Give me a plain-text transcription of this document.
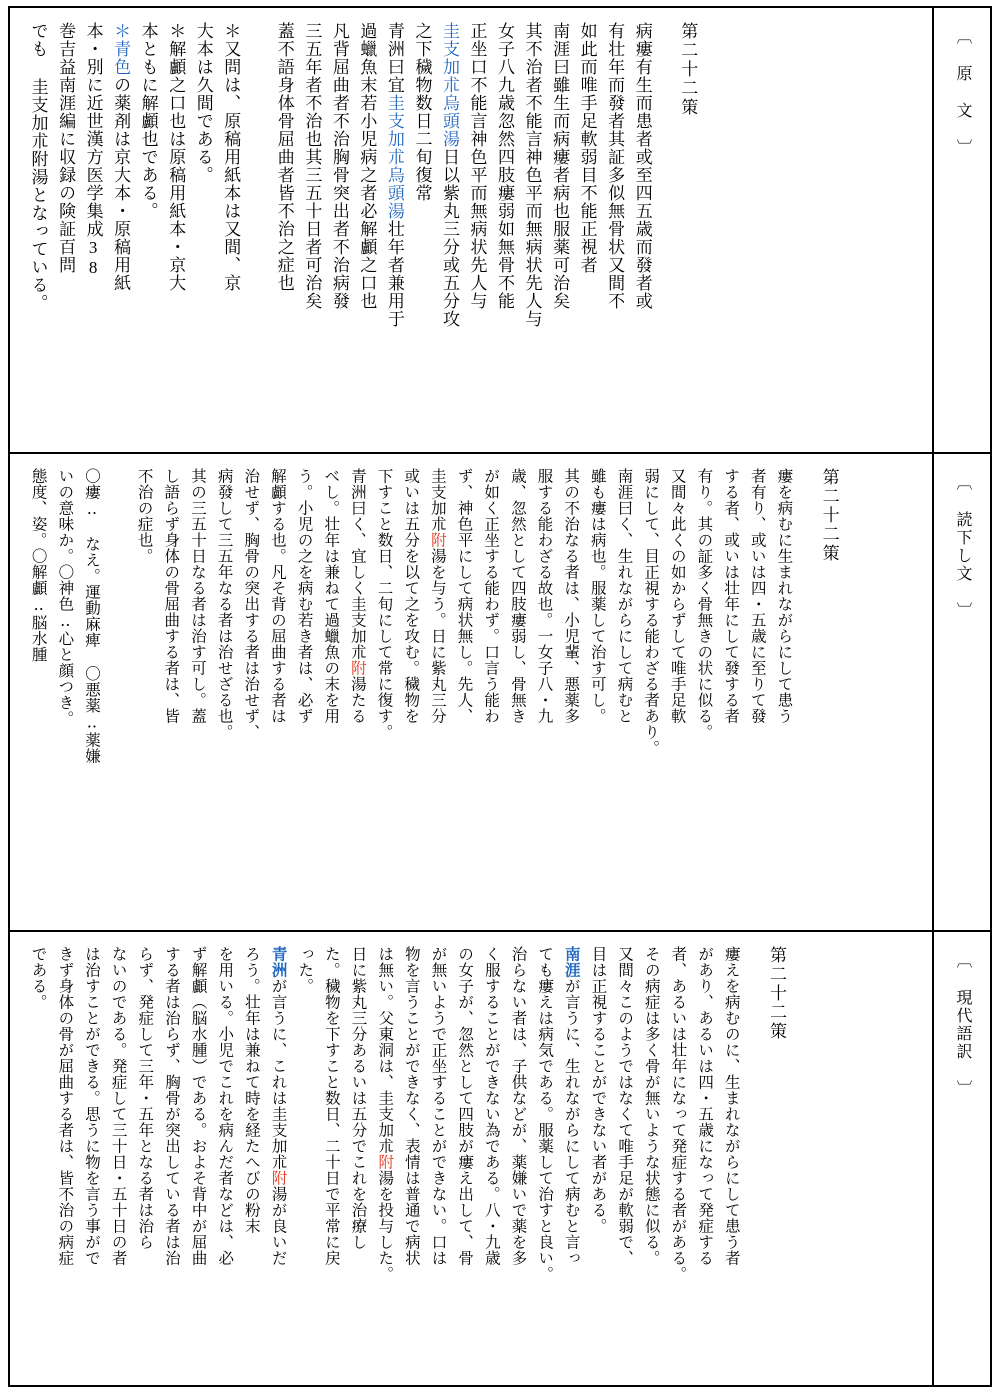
〔 原 文 〕
でも 圭支加朮附湯となっている。 巻吉益南涯編に収録の険証百問 本・別に近世漢方医学集成38 ＊青色の薬剤は京大本・原稿用紙 本ともに解顱也である。 ＊解顱之口也は原稿用紙本・京大 大本は久間である。 ＊又問は、原稿用紙本は又間、京 蓋不語身体骨屈曲者皆不治之症也 三五年者不治也其三五十日者可治矣 凡背屈曲者不治胸骨突出者不治病發 過蠟魚末若小児病之者必解顱之口也 青洲曰宜圭支加朮烏頭湯壮年者兼用于
之下穢物数日二旬復常 圭支加朮烏頭湯日以紫丸三分或五分攻 正坐口不能言神色平而無病状先人与 女子八九歳忽然四肢瘻弱如無骨不能 其不治者不能言神色平而無病状先人与 南涯曰雖生而病瘻者病也服薬可治矣 如此而唯手足軟弱目不能正視者 有壮年而發者其証多似無骨状又間不 病瘻有生而患者或至四五歳而發者或 第二十二策
〔 読下し文 〕
態度、姿。〇解顱‥脳水腫 いの意味か。〇神色‥心と顔つき。 〇瘻‥ なえ。運動麻痺 〇悪薬‥薬嫌	不治の症也。 し語らず身体の骨屈曲する者は、皆 其の三五十日なる者は治す可し。蓋 病發して三五年なる者は治せざる也。 治せず、胸骨の突出する者は治せず、 解顱する也。凡そ背の屈曲する者は う。小児の之を病む若き者は、必ず べし。壮年は兼ねて過蠟魚の末を用 青洲曰く、宜しく圭支加朮附湯たる 下すこと数日、二旬にして常に復す。 或いは五分を以て之を攻む。穢物を 圭支加朮附湯を与う。日に紫丸三分 ず、神色平にして病状無し。先人、 が如く正坐する能わず。口言う能わ 歳、忽然として四肢瘻弱し、骨無き 服する能わざる故也。一女子八・九 其の不治なる者は、小児輩、悪薬多 雖も瘻は病也。服薬して治す可し。 南涯曰く、生れながらにして病むと 弱にして、目正視する能わざる者あり。 又間々此くの如からずして唯手足軟 有り。其の証多く骨無きの状に似る。 する者、或いは壮年にして發する者 者有り、或いは四・五歳に至りて發 瘻を病むに生まれながらにして患う	第二十二策
〔 現代語訳 〕
である。 きず身体の骨が屈曲する者は、皆不治の病症 は治すことができる。思うに物を言う事がで ないのである。発症して三十日・五十日の者 らず、発症して三年・五年となる者は治ら する者は治らず、胸骨が突出している者は治 ず解顱（脳水腫）である。およそ背中が屈曲 を用いる。小児でこれを病んだ者などは、必 ろう。壮年は兼ねて時を経たへびの粉末 青洲が言うに、これは圭支加朮附湯が良いだ
った。 た。穢物を下すこと数日、二十日で平常に戻 日に紫丸三分あるいは五分でこれを治療し は無い。父東洞は、圭支加朮附湯を投与した。 物を言うことができなく、表情は普通で病状 が無いようで正坐することができない。口は の女子が、忽然として四肢が瘻え出して、骨 く服することができない為である。八・九歳 治らない者は、子供などが、薬嫌いで薬を多 ても瘻えは病気である。服薬して治すと良い。 南涯が言うに、生れながらにして病むと言っ 目は正視することができない者がある。 又間々このようではなくて唯手足が軟弱で、 その病症は多く骨が無いような状態に似る。 者、あるいは壮年になって発症する者がある。 があり、あるいは四・五歳になって発症する 瘻えを病むのに、生まれながらにして患う者	第二十二策
